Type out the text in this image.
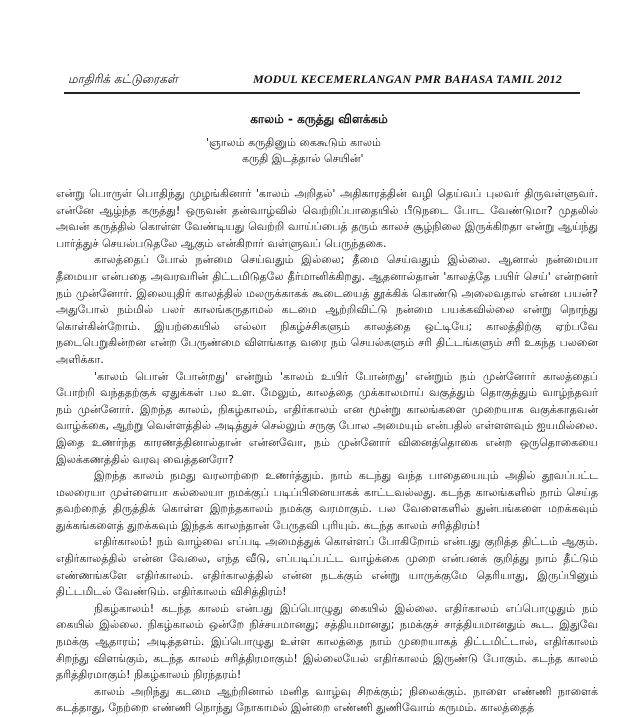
மாதிரிக் கட்டுரைகள்	MODUL KECEMERLANGAN PMR BAHASA TAMIL 2012
காலம் - கருத்து விளக்கம்
'ஞாலம் கருதினும் கைகூடும் காலம்
கருதி இடத்தால் செயின்'

என்று பொருள் பொதிந்து முழங்கினார் 'காலம் அறிதல்' அதிகாரத்தின் வழி தெய்வப் புலவர் திருவள்ளுவர். என்னே ஆழ்ந்த கருத்து! ஒருவன் தன்வாழ்வில் வெற்றிப்பாதையில் பீடுநடை போட வேண்டுமா? முதலில் அவன் கருத்தில் கொள்ள வேண்டியது வெற்றி வாய்ப்பைத் தரும் காலச் சூழ்நிலை இருக்கிறதா என்று ஆய்ந்து பார்த்துச் செயல்படுதலே ஆகும் என்கிறார் வள்ளுவப் பெருந்தகை.

காலத்தைப் போல் நன்மை செய்வதும் இல்லை; தீமை செய்வதும் இல்லை. ஆனால் நன்மையா தீமையா என்பதை அவரவரின் திட்டமிடுதலே தீர்மானிக்கிறது. ஆதனால்தான் 'காலத்தே பயிர் செய்' என்றனர் நம் முன்னோர். இலையுதிர் காலத்தில் மலருக்காகக் கூடையைத் தூக்கிக் கொண்டு அலைவதால் என்ன பயன்? அதுபோல் நம்மில் பலர் காலங்கருதாமல் கடமை ஆற்றிவிட்டு நன்மை பயக்கவில்லை என்று நொந்து கொள்கின்றோம். இயற்கையில் எல்லா நிகழ்ச்சிகளும் காலத்தை ஒட்டியே; காலத்திற்கு ஏற்பவே நடைபெறுகின்றன என்ற பேருண்மை விளங்காத வரை நம் செயல்களும் சரி திட்டங்களும் சரி உகந்த பலனை அளிக்கா.

'காலம் பொன் போன்றது' என்றும் 'காலம் உயிர் போன்றது' என்றும் நம் முன்னோர் காலத்தைப் போற்றி வந்ததற்குக் ஏதுக்கள் பல உள. மேலும், காலத்தை முக்காலமாய் வகுத்தும் தொகுத்தும் வாழ்ந்தவர் நம் முன்னோர். இறந்த காலம், நிகழ்காலம், எதிர்காலம் என மூன்று காலங்களை முறையாக வகுக்காதவன் வாழ்க்கை, ஆற்று வெள்ளத்தில் அடித்துச் செல்லும் சருகு போல அமையும் என்பதில் எள்ளளவும் ஐயமில்லை. இதை உணர்ந்த காரணத்தினால்தான் என்னவோ, நம் முன்னோர் வினைத்தொகை என்ற ஒருதொகையை இலக்கணத்தில் வரவு வைத்தனரோ?

இறந்த காலம் நமது வரலாற்றை உணர்த்தும். நாம் கடந்து வந்த பாதையையும் அதில் தூவப்பட்ட மலரையா முள்ளையா கல்லையா நமக்குப் படிப்பினையாகக் காட்டவல்லது. கடந்த காலங்களில் நாம் செய்த தவற்றைத் திருத்திக் கொள்ள இறந்தகாலம் நமக்கு வரமாகும். பல வேளைகளில் துன்பங்களை மறக்கவும் துக்கங்களைத் துறக்கவும் இந்தக் காலந்தான் பேருதவி புரியும். கடந்த காலம் சரித்திரம்!

எதிர்காலம்! நம் வாழ்வை எப்படி அமைத்துக் கொள்ளப் போகிறோம் என்பது குறித்த திட்டம் ஆகும். எதிர்காலத்தில் என்ன வேலை, எந்த வீடு, எப்படிப்பட்ட வாழ்க்கை முறை என்பனக் குறித்து நாம் தீட்டும் எண்ணங்களே எதிர்காலம். எதிர்காலத்தில் என்ன நடக்கும் என்று யாருக்குமே தெரியாது, இருப்பினும் திட்டமிடல் வேண்டும். எதிர்காலம் விசித்திரம்!

நிகழ்காலம்! கடந்த காலம் என்பது இப்பொழுது கையில் இல்லை. எதிர்காலம் எப்பொழுதும் நம் கையில் இல்லை. நிகழ்காலம் ஒன்றே நிச்சயமானது; சத்தியமானது; நமக்குச் சாத்தியமானதும் கூட. இதுவே நமக்கு ஆதாரம்; அடித்தளம். இப்பொழுது உள்ள காலத்தை நாம் முறையாகத் திட்டமிட்டால், எதிர்காலம் சிறந்து விளங்கும், கடந்த காலம் சரித்திரமாகும்! இல்லையேல் எதிர்காலம் இருண்டு போகும். கடந்த காலம் தரித்திரமாகும்! நிகழ்காலம் நிரந்தரம்!

காலம் அறிந்து கடமை ஆற்றினால் மனித வாழ்வு சிறக்கும்; நிலைக்கும். நாளை எண்ணி நாளைக் கடத்தாது, நேற்றை எண்ணி நொந்து நோகாமல் இன்றை எண்ணி துணிவோம் கருமம். காலத்தைத்
